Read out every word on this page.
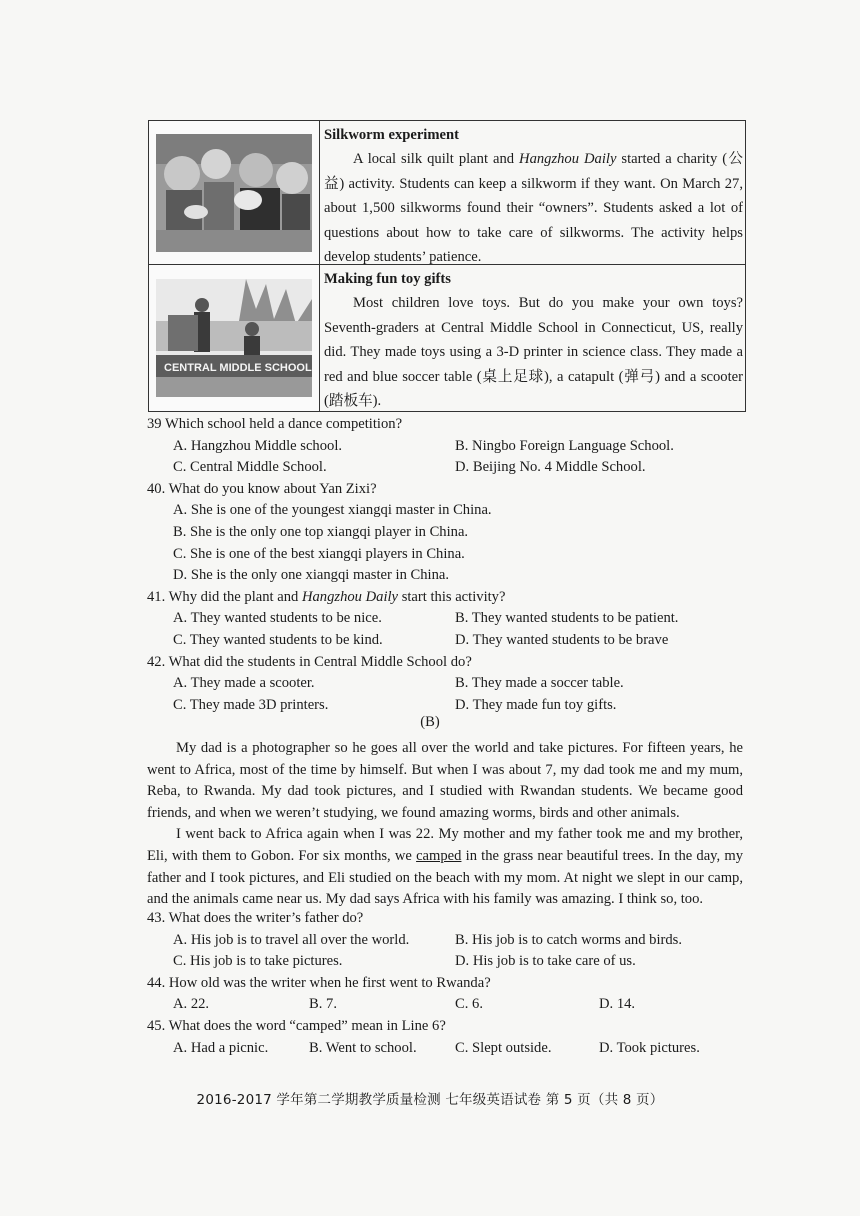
Silkworm experiment
A local silk quilt plant and Hangzhou Daily started a charity (公益) activity. Students can keep a silkworm if they want. On March 27, about 1,500 silkworms found their “owners”. Students asked a lot of questions about how to take care of silkworms. The activity helps develop students’ patience.
CENTRAL MIDDLE SCHOOL
Making fun toy gifts
Most children love toys. But do you make your own toys? Seventh-graders at Central Middle School in Connecticut, US, really did. They made toys using a 3-D printer in science class. They made a red and blue soccer table (桌上足球), a catapult (弹弓) and a scooter (踏板车).

39 Which school held a dance competition?

A. Hangzhou Middle school.	B. Ningbo Foreign Language School.
C. Central Middle School.	D. Beijing No. 4 Middle School.

40. What do you know about Yan Zixi?

A. She is one of the youngest xiangqi master in China.
B. She is the only one top xiangqi player in China.
C. She is one of the best xiangqi players in China.
D. She is the only one xiangqi master in China.

41. Why did the plant and Hangzhou Daily start this activity?

A. They wanted students to be nice.	B. They wanted students to be patient.
C. They wanted students to be kind.	D. They wanted students to be brave

42. What did the students in Central Middle School do?

A. They made a scooter.	B. They made a soccer table.
C. They made 3D printers.	D. They made fun toy gifts.
(B)

My dad is a photographer so he goes all over the world and take pictures. For fifteen years, he went to Africa, most of the time by himself. But when I was about 7, my dad took me and my mum, Reba, to Rwanda. My dad took pictures, and I studied with Rwandan students. We became good friends, and when we weren’t studying, we found amazing worms, birds and other animals.

I went back to Africa again when I was 22. My mother and my father took me and my brother, Eli, with them to Gobon. For six months, we camped in the grass near beautiful trees. In the day, my father and I took pictures, and Eli studied on the beach with my mom. At night we slept in our camp, and the animals came near us. My dad says Africa with his family was amazing. I think so, too.

43. What does the writer’s father do?

A. His job is to travel all over the world.	B. His job is to catch worms and birds.
C. His job is to take pictures.	D. His job is to take care of us.

44. How old was the writer when he first went to Rwanda?

A. 22.	B. 7.	C. 6.	D. 14.

45. What does the word “camped” mean in Line 6?

A. Had a picnic.	B. Went to school.	C. Slept outside.	D. Took pictures.
2016-2017 学年第二学期教学质量检测 七年级英语试卷 第 5 页（共 8 页）
